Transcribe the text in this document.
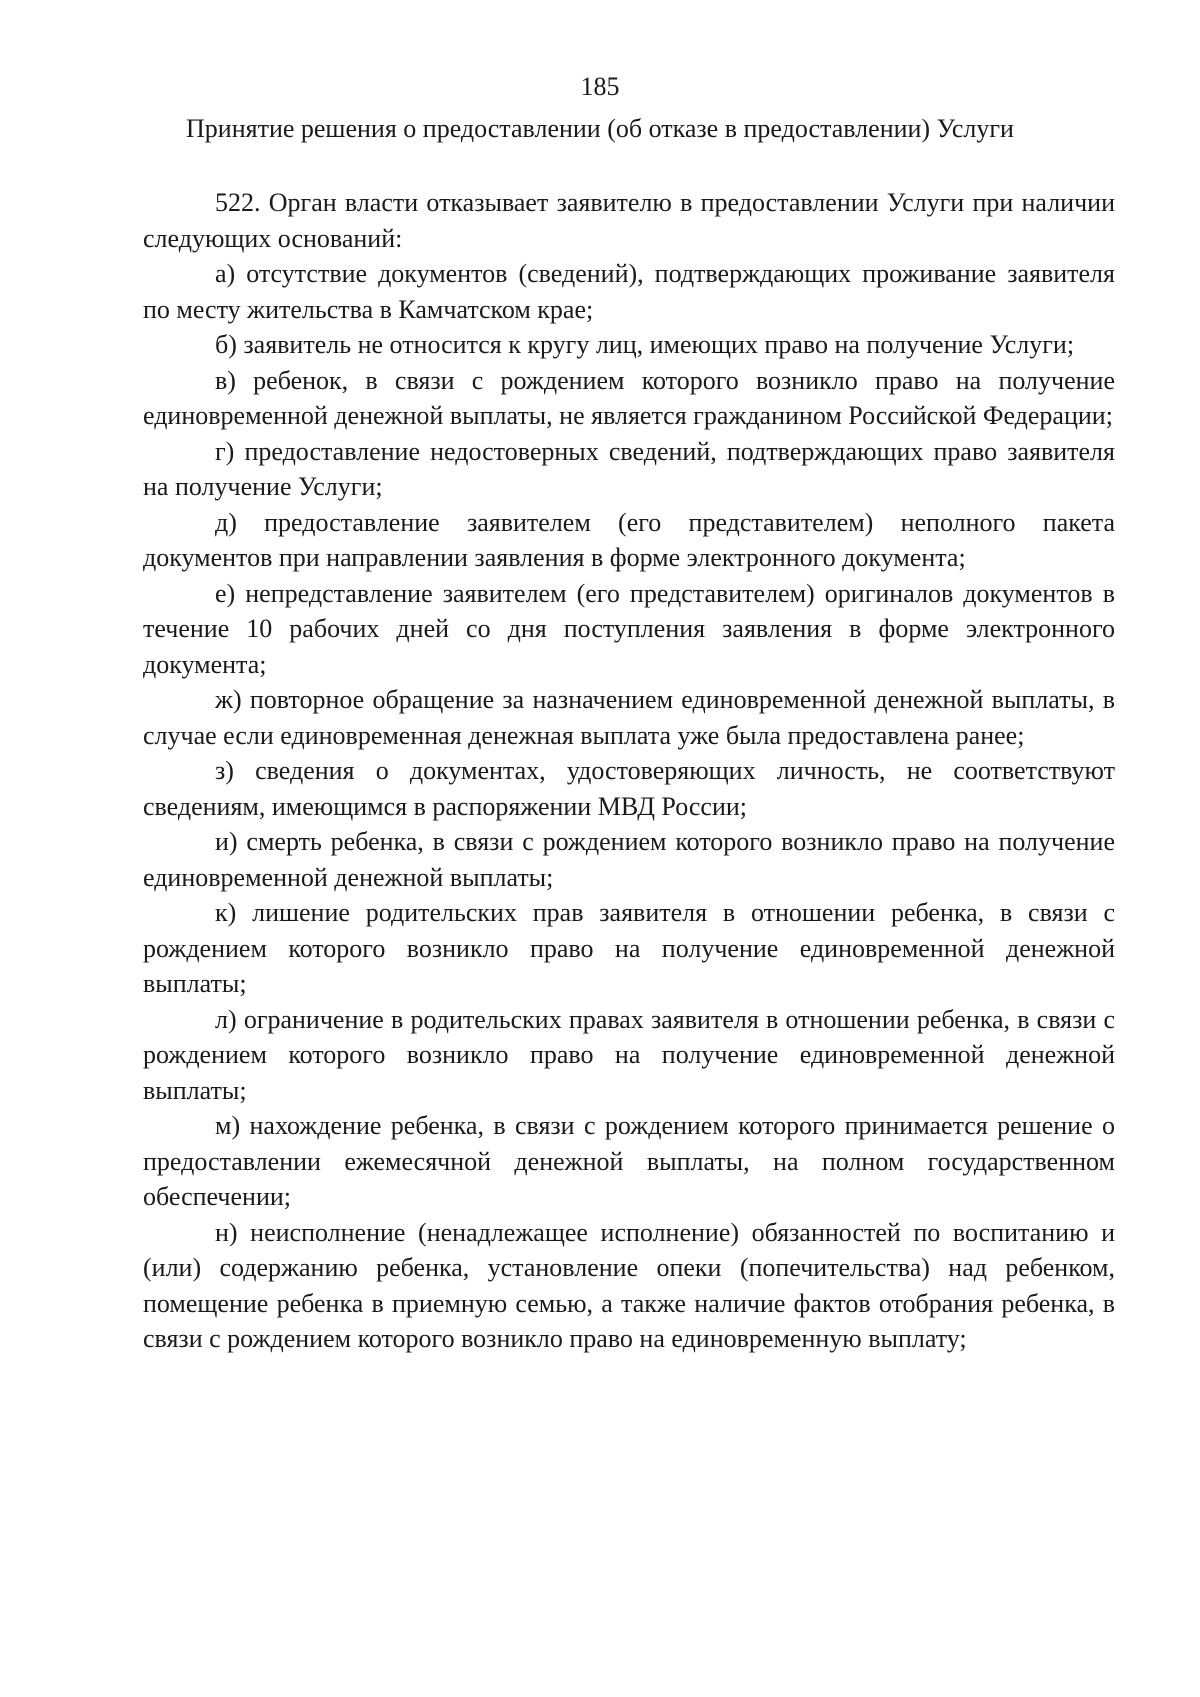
185
Принятие решения о предоставлении (об отказе в предоставлении) Услуги

522. Орган власти отказывает заявителю в предоставлении Услуги при наличии следующих оснований:

а) отсутствие документов (сведений), подтверждающих проживание заявителя по месту жительства в Камчатском крае;

б) заявитель не относится к кругу лиц, имеющих право на получение Услуги;

в) ребенок, в связи с рождением которого возникло право на получение единовременной денежной выплаты, не является гражданином Российской Федерации;

г) предоставление недостоверных сведений, подтверждающих право заявителя на получение Услуги;

д) предоставление заявителем (его представителем) неполного пакета документов при направлении заявления в форме электронного документа;

е) непредставление заявителем (его представителем) оригиналов документов в течение 10 рабочих дней со дня поступления заявления в форме электронного документа;

ж) повторное обращение за назначением единовременной денежной выплаты, в случае если единовременная денежная выплата уже была предоставлена ранее;

з) сведения о документах, удостоверяющих личность, не соответствуют сведениям, имеющимся в распоряжении МВД России;

и) смерть ребенка, в связи с рождением которого возникло право на получение единовременной денежной выплаты;

к) лишение родительских прав заявителя в отношении ребенка, в связи с рождением которого возникло право на получение единовременной денежной выплаты;

л) ограничение в родительских правах заявителя в отношении ребенка, в связи с рождением которого возникло право на получение единовременной денежной выплаты;

м) нахождение ребенка, в связи с рождением которого принимается решение о предоставлении ежемесячной денежной выплаты, на полном государственном обеспечении;

н) неисполнение (ненадлежащее исполнение) обязанностей по воспитанию и (или) содержанию ребенка, установление опеки (попечительства) над ребенком, помещение ребенка в приемную семью, а также наличие фактов отобрания ребенка, в связи с рождением которого возникло право на единовременную выплату;
